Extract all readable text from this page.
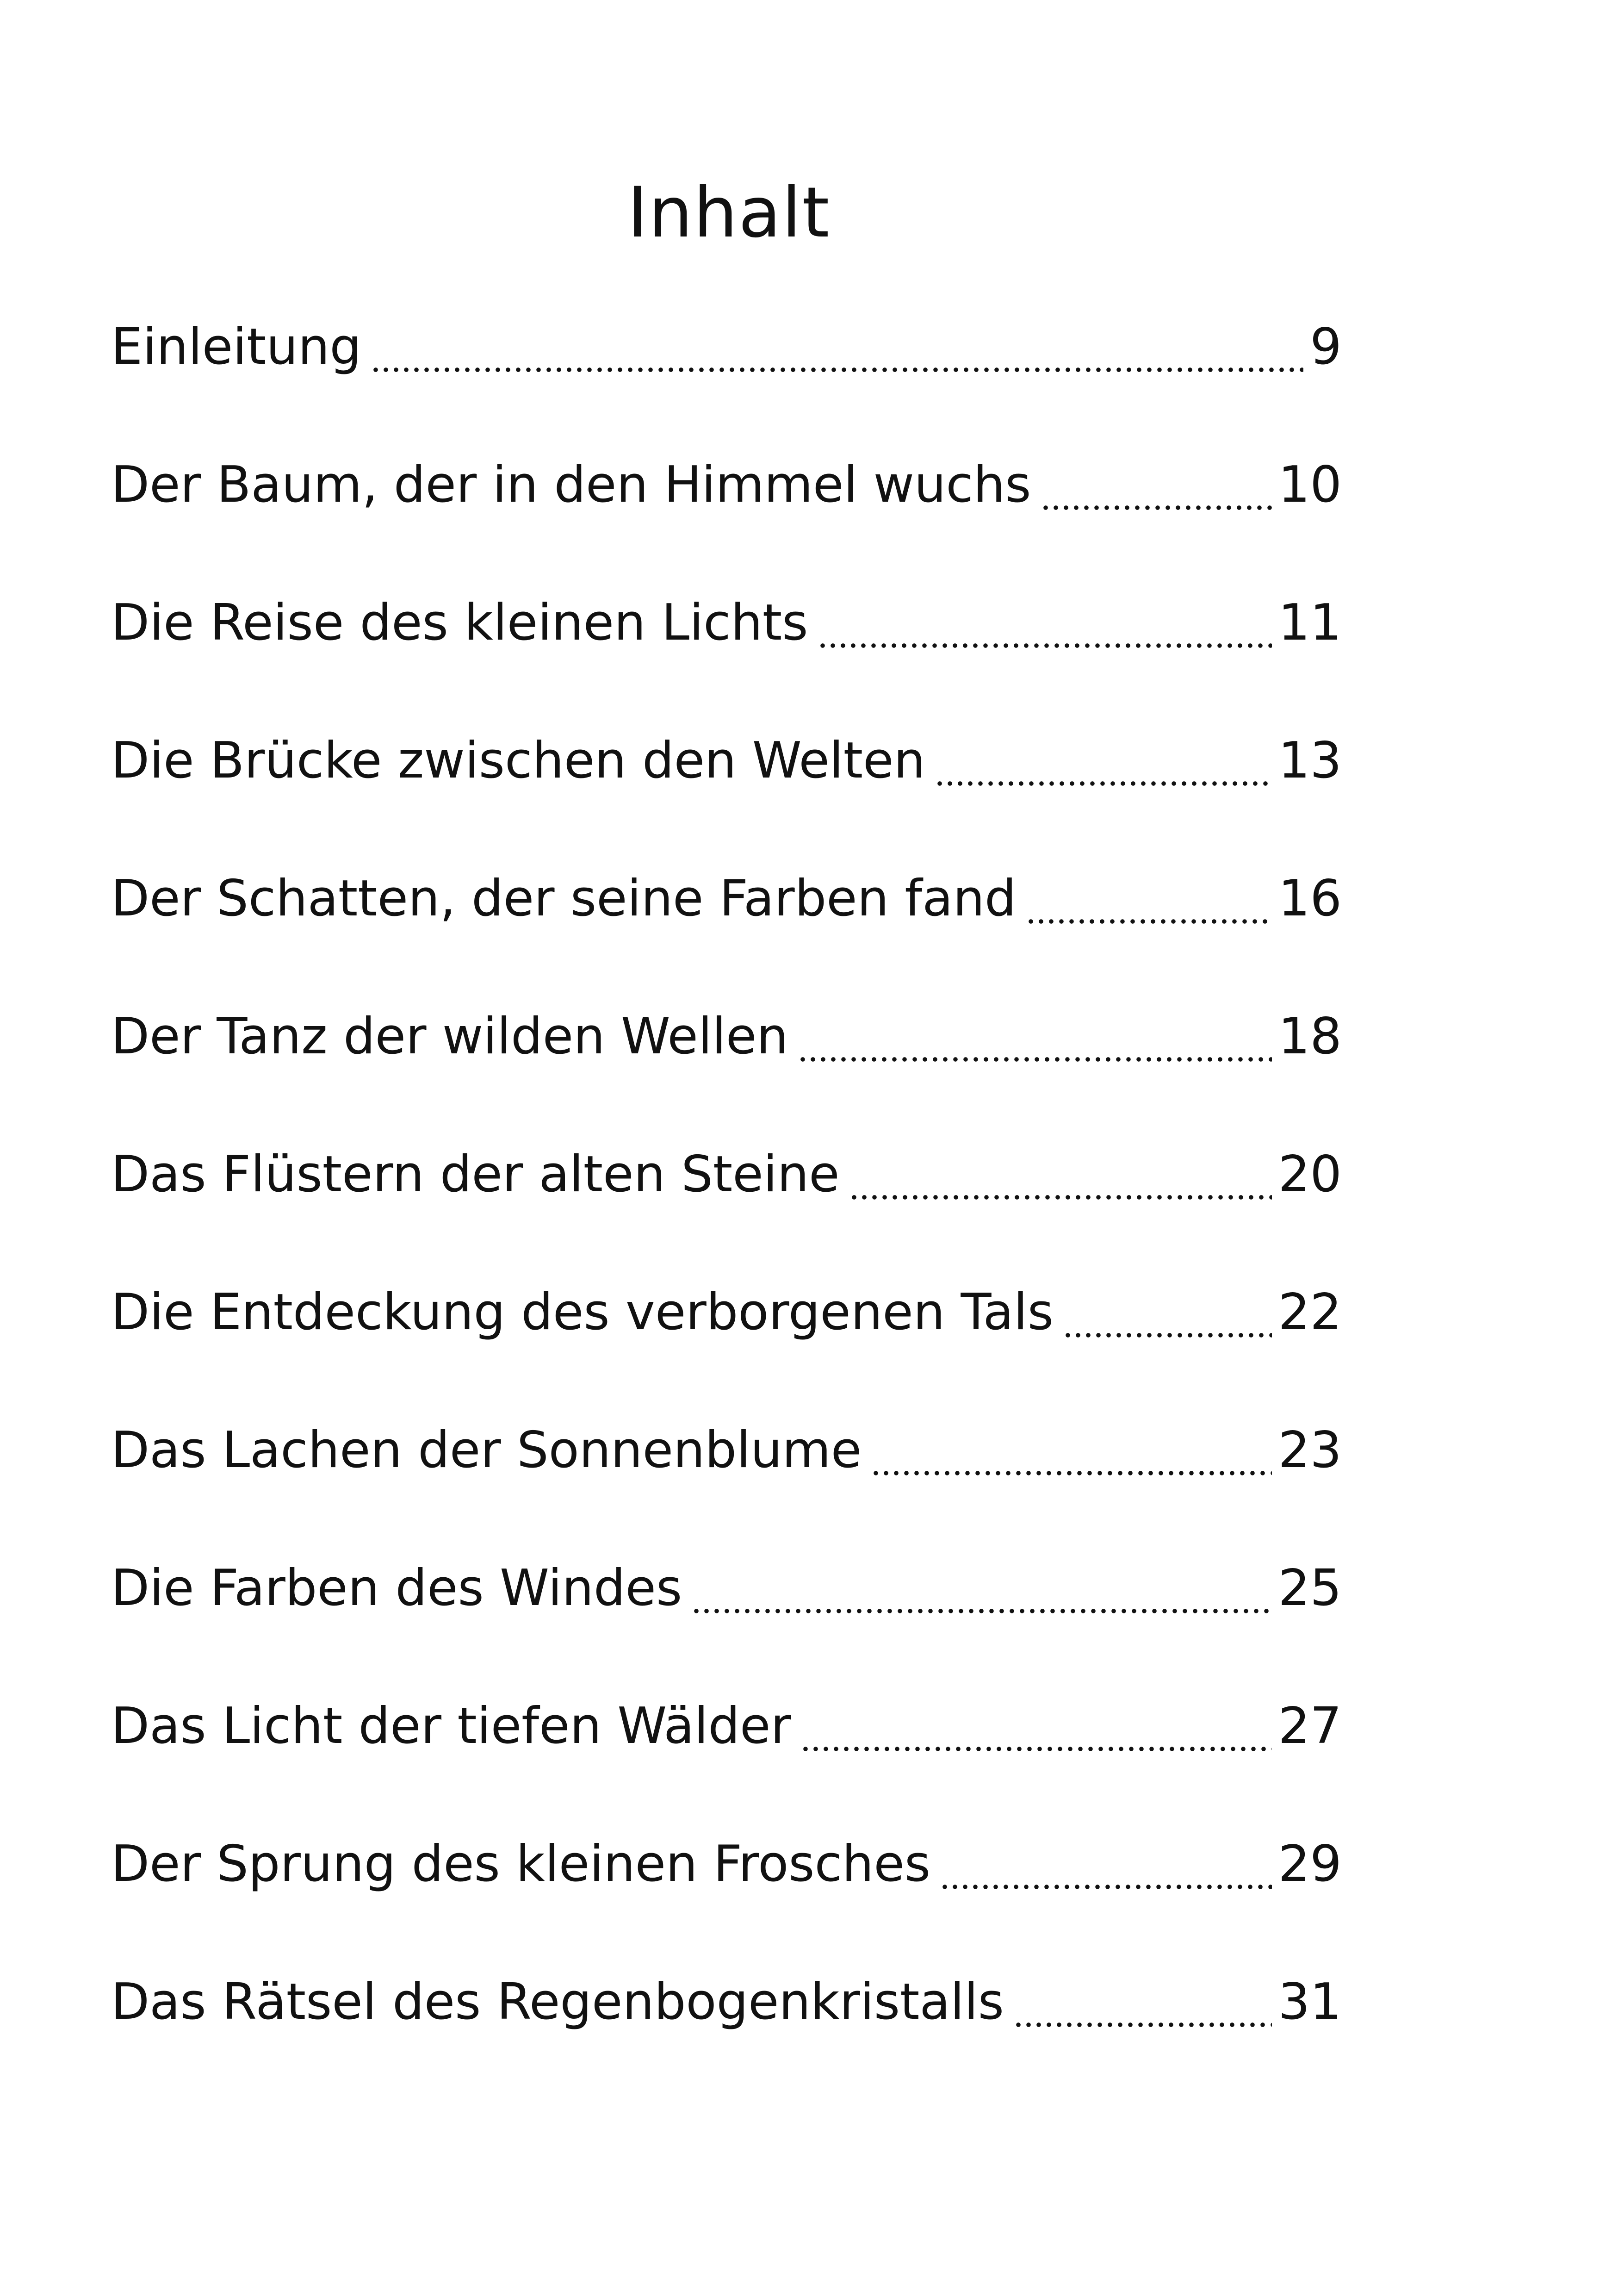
Inhalt
Einleitung	9
Der Baum, der in den Himmel wuchs	10
Die Reise des kleinen Lichts	11
Die Brücke zwischen den Welten	13
Der Schatten, der seine Farben fand	16
Der Tanz der wilden Wellen	18
Das Flüstern der alten Steine	20
Die Entdeckung des verborgenen Tals	22
Das Lachen der Sonnenblume	23
Die Farben des Windes	25
Das Licht der tiefen Wälder	27
Der Sprung des kleinen Frosches	29
Das Rätsel des Regenbogenkristalls	31
